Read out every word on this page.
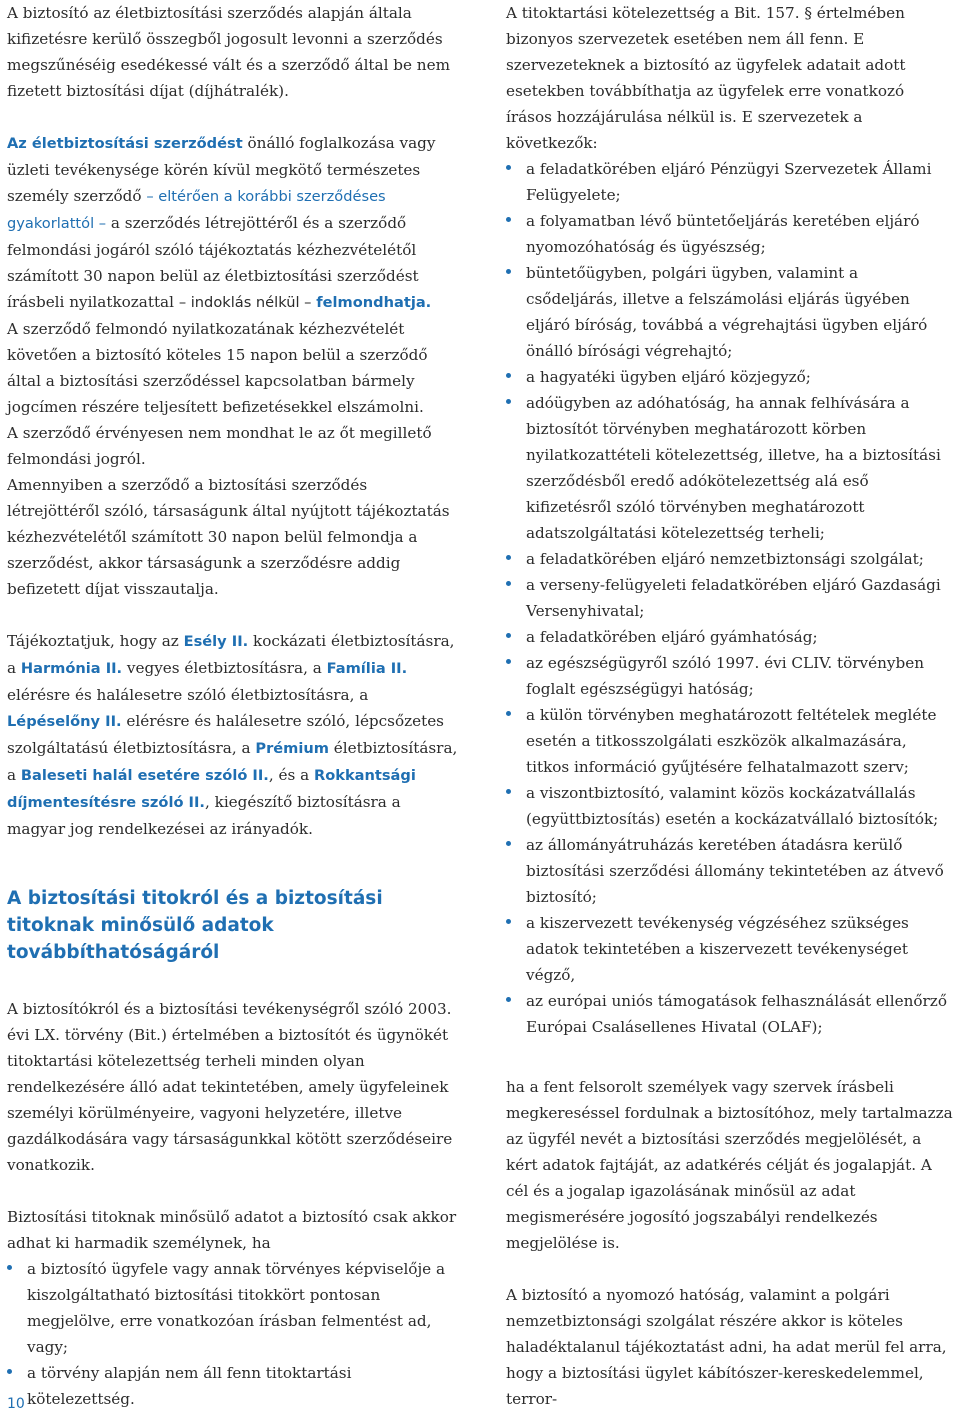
A biztosító az életbiztosítási szerződés alapján általa kifizetésre kerülő összegből jogosult levonni a szerződés megszűnéséig esedékessé vált és a szerződő által be nem fizetett biztosítási díjat (díjhátralék).

Az életbiztosítási szerződést önálló foglalkozása vagy üzleti tevékenysége körén kívül megkötő természetes személy szerződő – eltérően a korábbi szerződéses gyakorlattól – a szerződés létrejöttéről és a szerződő felmondási jogáról szóló tájékoztatás kézhezvételétől számított 30 napon belül az életbiztosítási szerződést írásbeli nyilatkozattal – indoklás nélkül – felmondhatja.

A szerződő felmondó nyilatkozatának kézhezvételét követően a biztosító köteles 15 napon belül a szerződő által a biztosítási szerződéssel kapcsolatban bármely jogcímen részére teljesített befizetésekkel elszámolni.

A szerződő érvényesen nem mondhat le az őt megillető felmondási jogról.

Amennyiben a szerződő a biztosítási szerződés létrejöttéről szóló, társaságunk által nyújtott tájékoztatás kézhezvételétől számított 30 napon belül felmondja a szerződést, akkor társaságunk a szerződésre addig befizetett díjat visszautalja.

Tájékoztatjuk, hogy az Esély II. kockázati életbiztosításra, a Harmónia II. vegyes életbiztosításra, a Família II. elérésre és halálesetre szóló életbiztosításra, a Lépéselőny II. elérésre és halálesetre szóló, lépcsőzetes szolgáltatású életbiztosításra, a Prémium életbiztosításra, a Baleseti halál esetére szóló II., és a Rokkantsági díjmentesítésre szóló II., kiegészítő biztosításra a magyar jog rendelkezései az irányadók.

A biztosítási titokról és a biztosítási titoknak minősülő adatok továbbíthatóságáról

A biztosítókról és a biztosítási tevékenységről szóló 2003. évi LX. törvény (Bit.) értelmében a biztosítót és ügynökét titoktartási kötelezettség terheli minden olyan rendelkezésére álló adat tekintetében, amely ügyfeleinek személyi körülményeire, vagyoni helyzetére, illetve gazdálkodására vagy társaságunkkal kötött szerződéseire vonatkozik.

Biztosítási titoknak minősülő adatot a biztosító csak akkor adhat ki harmadik személynek, ha

a biztosító ügyfele vagy annak törvényes képviselője a kiszolgáltatható biztosítási titokkört pontosan megjelölve, erre vonatkozóan írásban felmentést ad, vagy;
a törvény alapján nem áll fenn titoktartási kötelezettség.

A titoktartási kötelezettség a Bit. 157. § értelmében bizonyos szervezetek esetében nem áll fenn. E szervezeteknek a biztosító az ügyfelek adatait adott esetekben továbbíthatja az ügyfelek erre vonatkozó írásos hozzájárulása nélkül is. E szervezetek a következők:

a feladatkörében eljáró Pénzügyi Szervezetek Állami Felügyelete;
a folyamatban lévő büntetőeljárás keretében eljáró nyomozóhatóság és ügyészség;
büntetőügyben, polgári ügyben, valamint a csődeljárás, illetve a felszámolási eljárás ügyében eljáró bíróság, továbbá a végrehajtási ügyben eljáró önálló bírósági végrehajtó;
a hagyatéki ügyben eljáró közjegyző;
adóügyben az adóhatóság, ha annak felhívására a biztosítót törvényben meghatározott körben nyilatkozattételi kötelezettség, illetve, ha a biztosítási szerződésből eredő adókötelezettség alá eső kifizetésről szóló törvényben meghatározott adatszolgáltatási kötelezettség terheli;
a feladatkörében eljáró nemzetbiztonsági szolgálat;
a verseny-felügyeleti feladatkörében eljáró Gazdasági Versenyhivatal;
a feladatkörében eljáró gyámhatóság;
az egészségügyről szóló 1997. évi CLIV. törvényben foglalt egészségügyi hatóság;
a külön törvényben meghatározott feltételek megléte esetén a titkosszolgálati eszközök alkalmazására, titkos információ gyűjtésére felhatalmazott szerv;
a viszontbiztosító, valamint közös kockázatvállalás (együttbiztosítás) esetén a kockázatvállaló biztosítók;
az állományátruházás keretében átadásra kerülő biztosítási szerződési állomány tekintetében az átvevő biztosító;
a kiszervezett tevékenység végzéséhez szükséges adatok tekintetében a kiszervezett tevékenységet végző,
az európai uniós támogatások felhasználását ellenőrző Európai Csalásellenes Hivatal (OLAF);

ha a fent felsorolt személyek vagy szervek írásbeli megkereséssel fordulnak a biztosítóhoz, mely tartalmazza az ügyfél nevét a biztosítási szerződés megjelölését, a kért adatok fajtáját, az adatkérés célját és jogalapját. A cél és a jogalap igazolásának minősül az adat megismerésére jogosító jogszabályi rendelkezés megjelölése is.

A biztosító a nyomozó hatóság, valamint a polgári nemzetbiztonsági szolgálat részére akkor is köteles haladéktalanul tájékoztatást adni, ha adat merül fel arra, hogy a biztosítási ügylet kábítószer-kereskedelemmel, terror-

10
